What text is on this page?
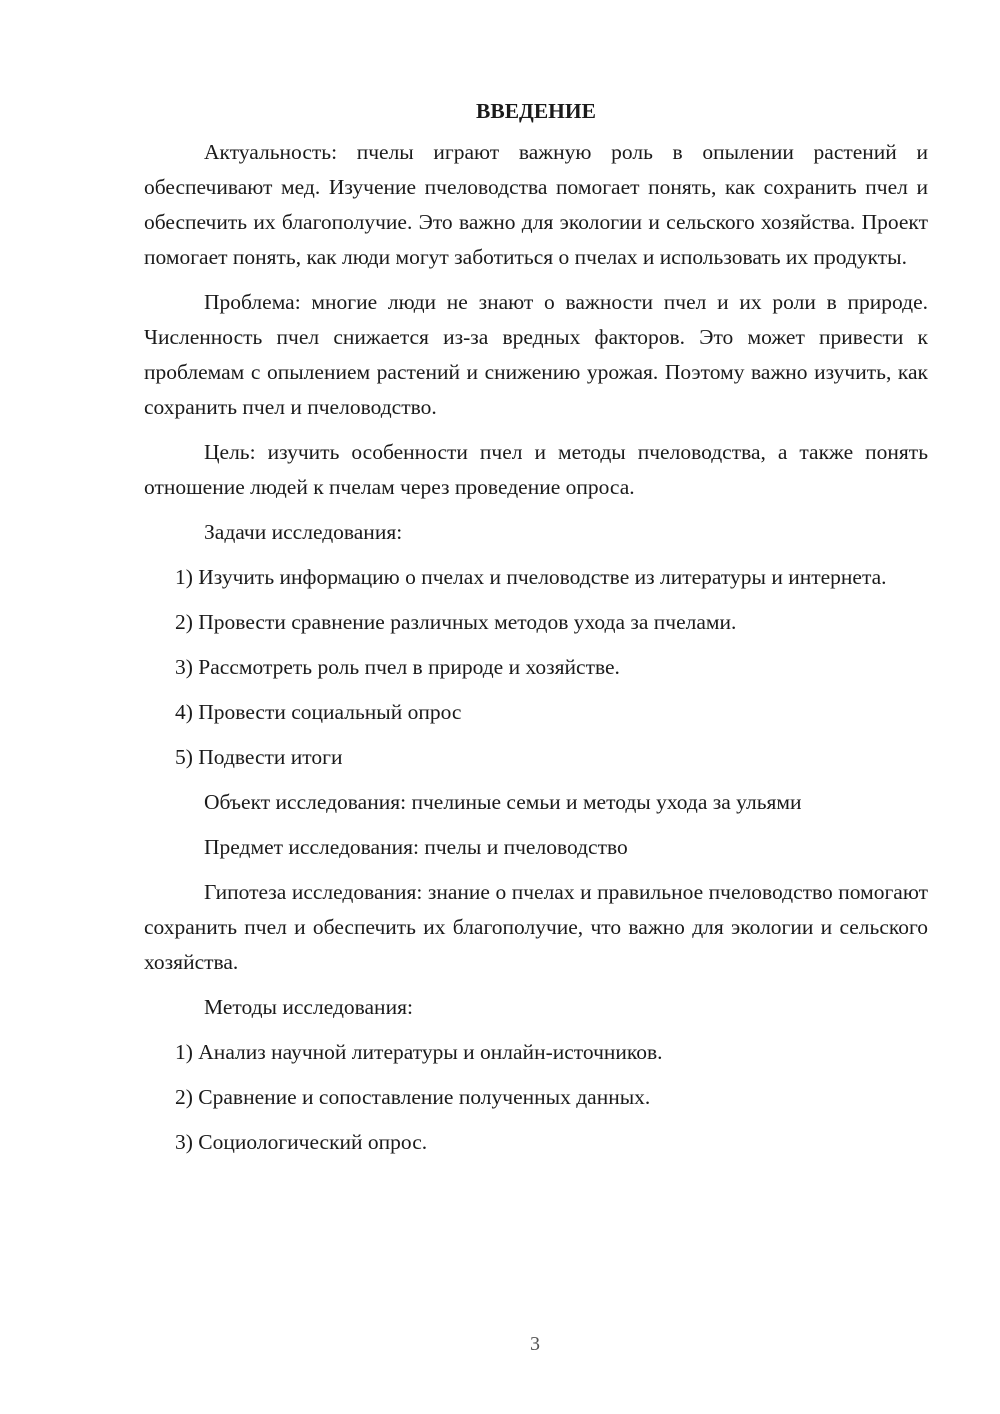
ВВЕДЕНИЕ

Актуальность: пчелы играют важную роль в опылении растений и обеспечивают мед. Изучение пчеловодства помогает понять, как сохранить пчел и обеспечить их благополучие. Это важно для экологии и сельского хозяйства. Проект помогает понять, как люди могут заботиться о пчелах и использовать их продукты.

Проблема: многие люди не знают о важности пчел и их роли в природе. Численность пчел снижается из-за вредных факторов. Это может привести к проблемам с опылением растений и снижению урожая. Поэтому важно изучить, как сохранить пчел и пчеловодство.

Цель: изучить особенности пчел и методы пчеловодства, а также понять отношение людей к пчелам через проведение опроса.

Задачи исследования:

1) Изучить информацию о пчелах и пчеловодстве из литературы и интернета.

2) Провести сравнение различных методов ухода за пчелами.

3) Рассмотреть роль пчел в природе и хозяйстве.

4) Провести социальный опрос

5) Подвести итоги

Объект исследования: пчелиные семьи и методы ухода за ульями

Предмет исследования: пчелы и пчеловодство

Гипотеза исследования: знание о пчелах и правильное пчеловодство помогают сохранить пчел и обеспечить их благополучие, что важно для экологии и сельского хозяйства.

Методы исследования:

1) Анализ научной литературы и онлайн-источников.

2) Сравнение и сопоставление полученных данных.

3) Социологический опрос.

3
